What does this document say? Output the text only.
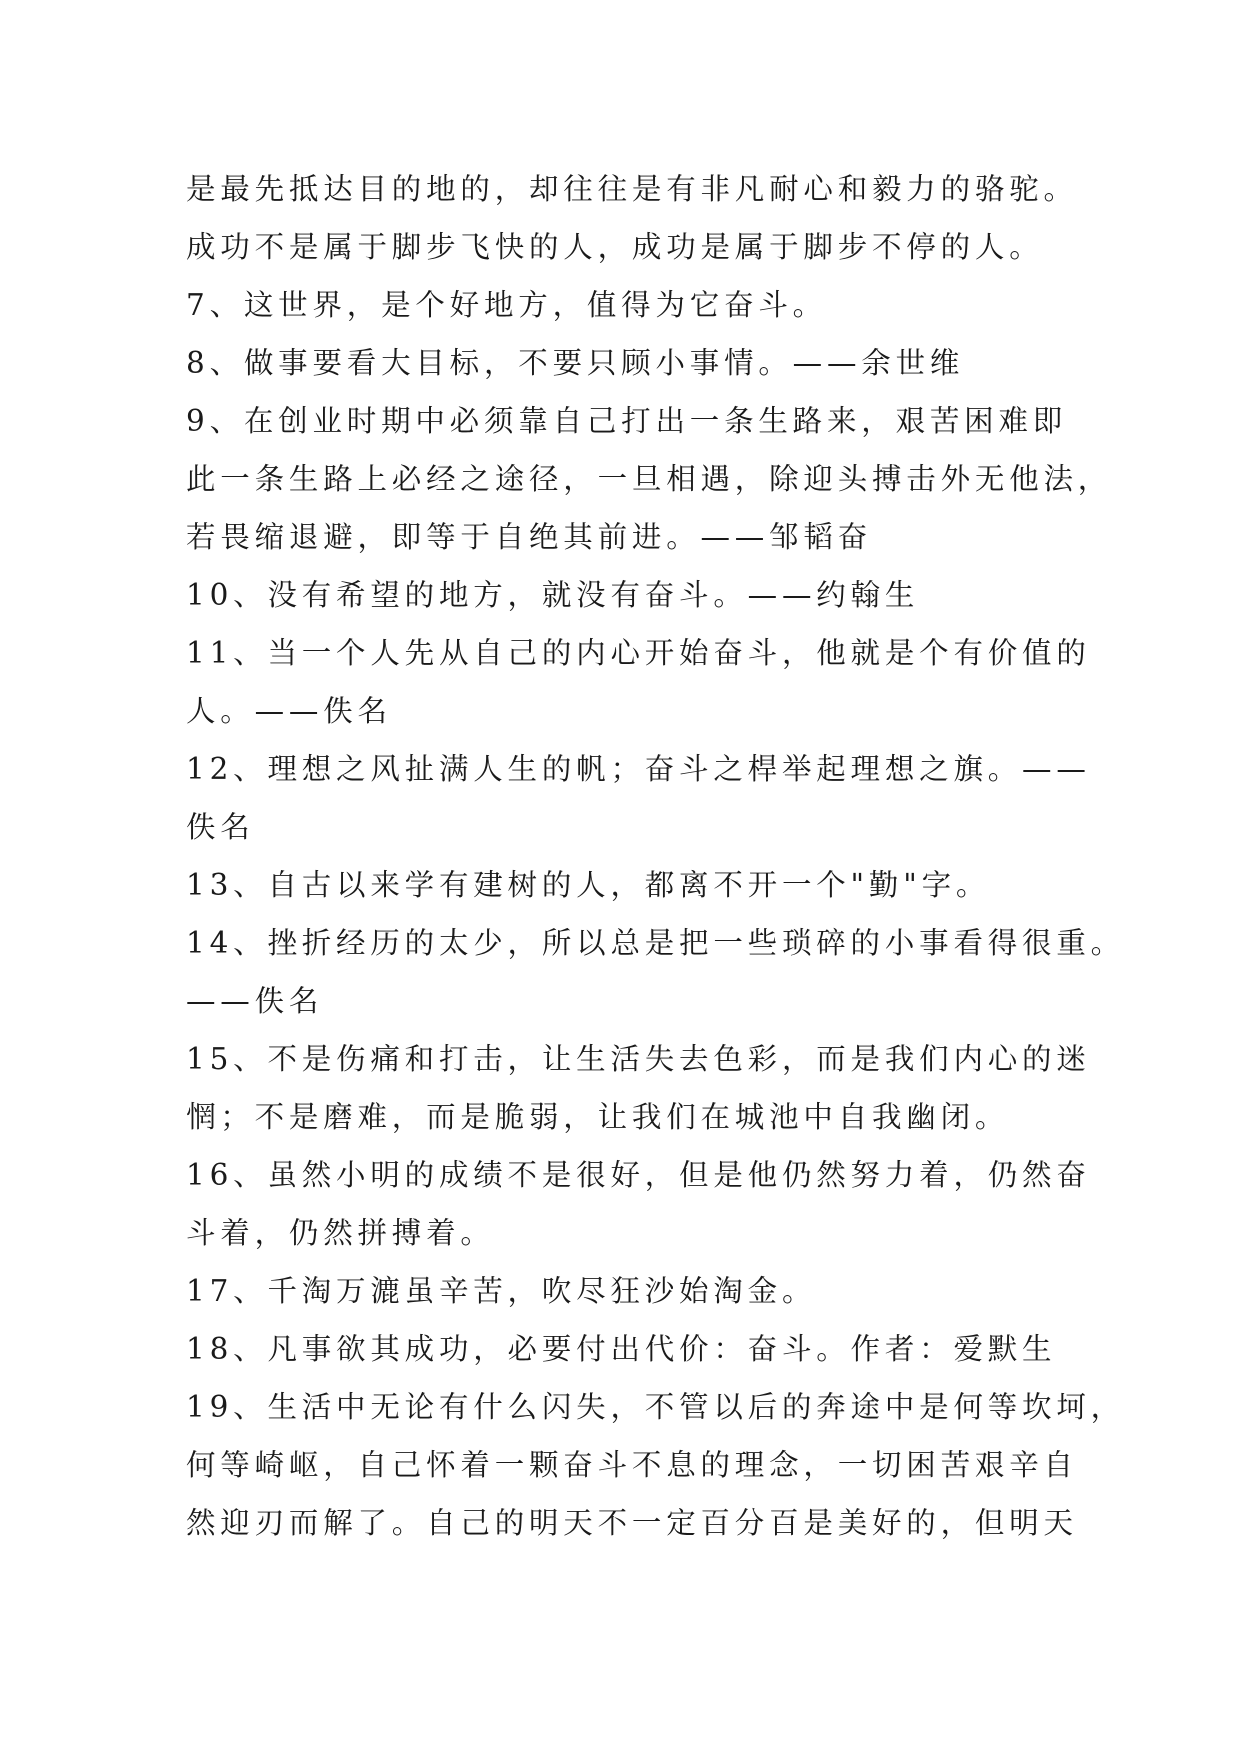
是最先抵达目的地的，却往往是有非凡耐心和毅力的骆驼。
成功不是属于脚步飞快的人，成功是属于脚步不停的人。
7、这世界，是个好地方，值得为它奋斗。
8、做事要看大目标，不要只顾小事情。——余世维
9、在创业时期中必须靠自己打出一条生路来，艰苦困难即
此一条生路上必经之途径，一旦相遇，除迎头搏击外无他法，
若畏缩退避，即等于自绝其前进。——邹韬奋
10、没有希望的地方，就没有奋斗。——约翰生
11、当一个人先从自己的内心开始奋斗，他就是个有价值的
人。——佚名
12、理想之风扯满人生的帆；奋斗之桿举起理想之旗。——
佚名
13、自古以来学有建树的人，都离不开一个"勤"字。
14、挫折经历的太少，所以总是把一些琐碎的小事看得很重。
——佚名
15、不是伤痛和打击，让生活失去色彩，而是我们内心的迷
惘；不是磨难，而是脆弱，让我们在城池中自我幽闭。
16、虽然小明的成绩不是很好，但是他仍然努力着，仍然奋
斗着，仍然拼搏着。
17、千淘万漉虽辛苦，吹尽狂沙始淘金。
18、凡事欲其成功，必要付出代价：奋斗。作者：爱默生
19、生活中无论有什么闪失，不管以后的奔途中是何等坎坷，
何等崎岖，自己怀着一颗奋斗不息的理念，一切困苦艰辛自
然迎刃而解了。自己的明天不一定百分百是美好的，但明天
